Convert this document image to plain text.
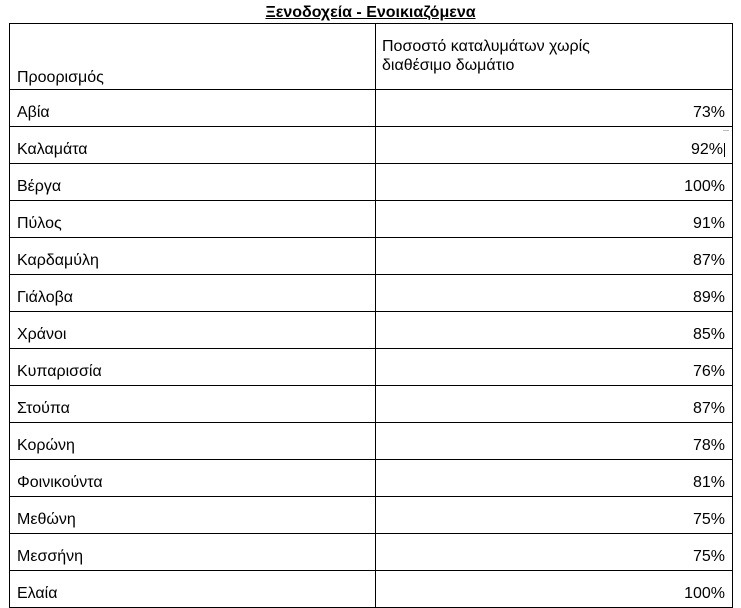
Ξενοδοχεία - Ενοικιαζόμενα
Προορισμός	Ποσοστό καταλυμάτων χωρίς διαθέσιμο δωμάτιο

Αβία	73%
Καλαμάτα	92%
Βέργα	100%
Πύλος	91%
Καρδαμύλη	87%
Γιάλοβα	89%
Χράνοι	85%
Κυπαρισσία	76%
Στούπα	87%
Κορώνη	78%
Φοινικούντα	81%
Μεθώνη	75%
Μεσσήνη	75%
Ελαία	100%
